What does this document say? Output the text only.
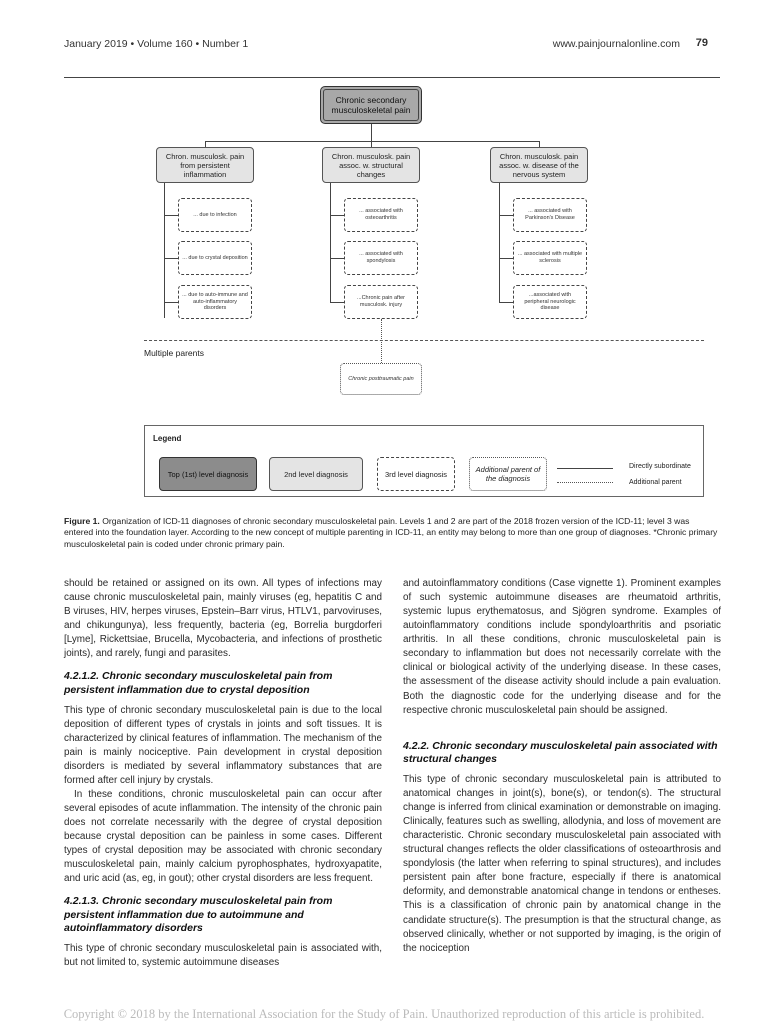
January 2019 • Volume 160 • Number 1	www.painjournalonline.com 79
Chronic secondary musculoskeletal pain
Chron. musculosk. pain from persistent inflammation
Chron. musculosk. pain assoc. w. structural changes
Chron. musculosk. pain assoc. w. disease of the nervous system
... due to infection
... due to crystal deposition
... due to auto-immune and auto-inflammatory disorders
... associated with osteoarthritis
... associated with spondylosis
...Chronic pain after musculosk. injury
... associated with Parkinson's Disease
... associated with multiple sclerosis
...associated with peripheral neurologic disease
Multiple parents
Chronic posttraumatic pain
Legend
Top (1st) level diagnosis	2nd level diagnosis	3rd level diagnosis	Additional parent of the diagnosis
Directly subordinate
Additional parent
Figure 1. Organization of ICD-11 diagnoses of chronic secondary musculoskeletal pain. Levels 1 and 2 are part of the 2018 frozen version of the ICD-11; level 3 was entered into the foundation layer. According to the new concept of multiple parenting in ICD-11, an entity may belong to more than one group of diagnoses. *Chronic primary musculoskeletal pain is coded under chronic primary pain.

should be retained or assigned on its own. All types of infections may cause chronic musculoskeletal pain, mainly viruses (eg, hepatitis C and B viruses, HIV, herpes viruses, Epstein–Barr virus, HTLV1, parvoviruses, and chikungunya), less frequently, bacteria (eg, Borrelia burgdorferi [Lyme], Rickettsiae, Brucella, Mycobacteria, and infections of prosthetic joints), and rarely, fungi and parasites.

4.2.1.2. Chronic secondary musculoskeletal pain from persistent inflammation due to crystal deposition

This type of chronic secondary musculoskeletal pain is due to the local deposition of different types of crystals in joints and soft tissues. It is characterized by clinical features of inflammation. The mechanism of the pain is mainly nociceptive. Pain development in crystal deposition disorders is mediated by several inflammatory substances that are formed after cell injury by crystals.

In these conditions, chronic musculoskeletal pain can occur after several episodes of acute inflammation. The intensity of the chronic pain does not correlate necessarily with the degree of crystal deposition because crystal deposition can be painless in some cases. Different types of crystal deposition may be associated with chronic secondary musculoskeletal pain, mainly calcium pyrophosphates, hydroxyapatite, and uric acid (as, eg, in gout); other crystal disorders are less frequent.

4.2.1.3. Chronic secondary musculoskeletal pain from persistent inflammation due to autoimmune and autoinflammatory disorders

This type of chronic secondary musculoskeletal pain is associated with, but not limited to, systemic autoimmune diseases

and autoinflammatory conditions (Case vignette 1). Prominent examples of such systemic autoimmune diseases are rheumatoid arthritis, systemic lupus erythematosus, and Sjögren syndrome. Examples of autoinflammatory conditions include spondyloarthritis and psoriatic arthritis. In all these conditions, chronic musculoskeletal pain is secondary to inflammation but does not necessarily correlate with the clinical or biological activity of the underlying disease. In these cases, the assessment of the disease activity should include a pain evaluation. Both the diagnostic code for the underlying disease and for the respective chronic musculoskeletal pain should be assigned.

4.2.2. Chronic secondary musculoskeletal pain associated with structural changes

This type of chronic secondary musculoskeletal pain is attributed to anatomical changes in joint(s), bone(s), or tendon(s). The structural change is inferred from clinical examination or demonstrable on imaging. Clinically, features such as swelling, allodynia, and loss of movement are characteristic. Chronic secondary musculoskeletal pain associated with structural changes reflects the older classifications of osteoarthrosis and spondylosis (the latter when referring to spinal structures), and includes persistent pain after bone fracture, especially if there is anatomical deformity, and demonstrable anatomical change in tendons or entheses. This is a classification of chronic pain by anatomical change in the candidate structure(s). The presumption is that the structural change, as observed clinically, whether or not supported by imaging, is the origin of the nociception

Copyright © 2018 by the International Association for the Study of Pain. Unauthorized reproduction of this article is prohibited.
